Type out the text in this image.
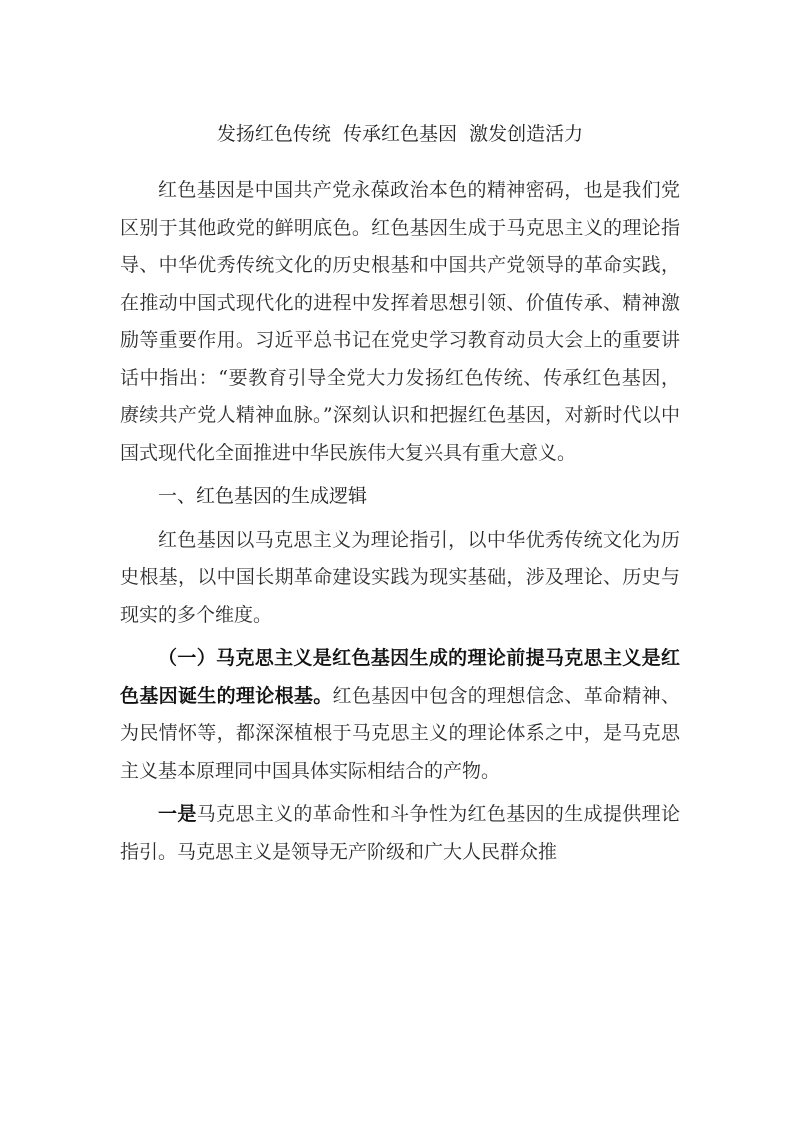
发扬红色传统  传承红色基因  激发创造活力

红色基因是中国共产党永葆政治本色的精神密码，也是我们党区别于其他政党的鲜明底色。红色基因生成于马克思主义的理论指导、中华优秀传统文化的历史根基和中国共产党领导的革命实践，在推动中国式现代化的进程中发挥着思想引领、价值传承、精神激励等重要作用。习近平总书记在党史学习教育动员大会上的重要讲话中指出：“要教育引导全党大力发扬红色传统、传承红色基因，赓续共产党人精神血脉。”深刻认识和把握红色基因，对新时代以中国式现代化全面推进中华民族伟大复兴具有重大意义。

一、红色基因的生成逻辑

红色基因以马克思主义为理论指引，以中华优秀传统文化为历史根基，以中国长期革命建设实践为现实基础，涉及理论、历史与现实的多个维度。

（一）马克思主义是红色基因生成的理论前提马克思主义是红色基因诞生的理论根基。红色基因中包含的理想信念、革命精神、为民情怀等，都深深植根于马克思主义的理论体系之中，是马克思主义基本原理同中国具体实际相结合的产物。

一是马克思主义的革命性和斗争性为红色基因的生成提供理论指引。马克思主义是领导无产阶级和广大人民群众推
